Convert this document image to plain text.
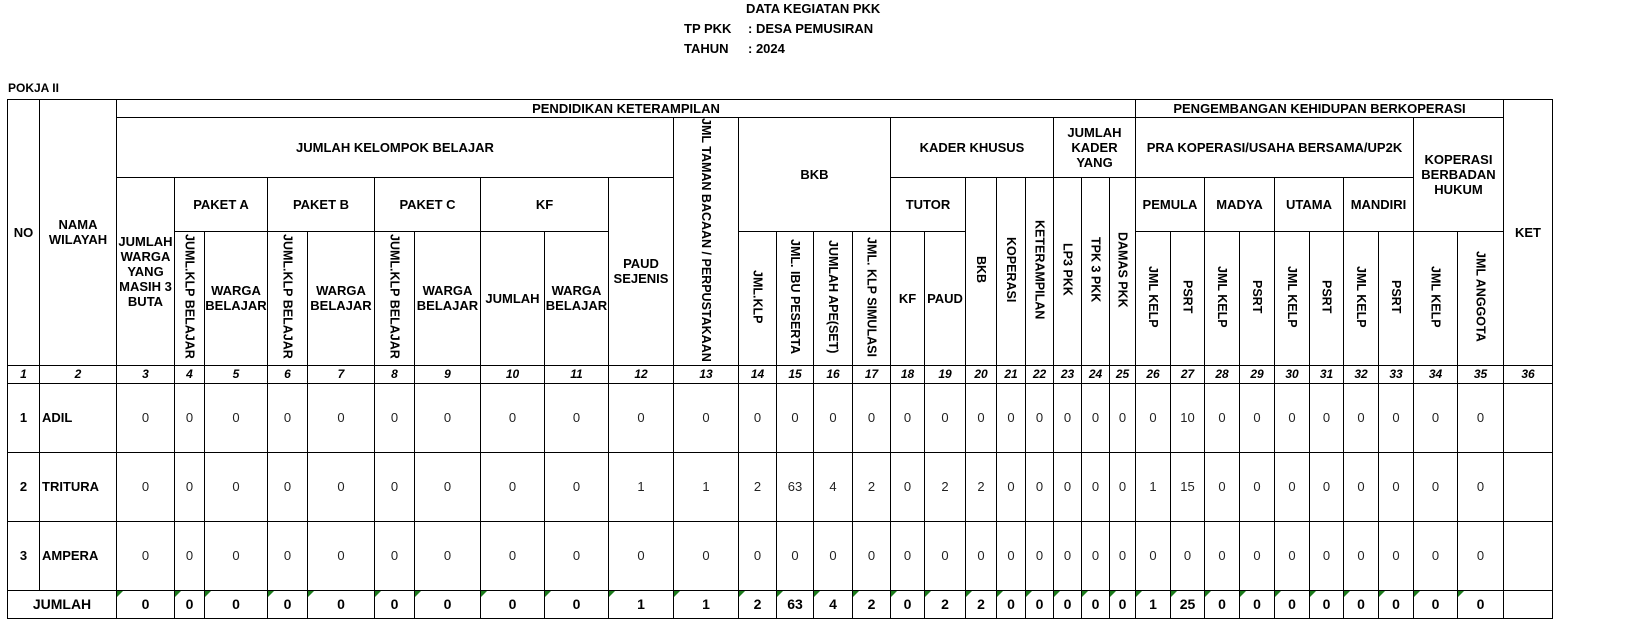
DATA KEGIATAN PKK
TP PKK : DESA PEMUSIRAN
TAHUN : 2024
POKJA II
NO	NAMA WILAYAH	PENDIDIKAN KETERAMPILAN																							PENGEMBANGAN KEHIDUPAN BERKOPERASI										KET
		JUMLAH KELOMPOK BELAJAR										JML TAMAN BACAAN / PERPUSTAKAAN	BKB				KADER KHUSUS					JUMLAH KADER YANG			PRA KOPERASI/USAHA BERSAMA/UP2K								KOPERASI BERBADAN HUKUM		
		JUMLAH WARGA YANG MASIH 3 BUTA	PAKET A		PAKET B		PAKET C		KF		PAUD SEJENIS						TUTOR		BKB	KOPERASI	KETERAMPILAN	LP3 PKK	TPK 3 PKK	DAMAS PKK	PEMULA		MADYA		UTAMA		MANDIRI				
			JUML.KLP BELAJAR	WARGA BELAJAR	JUML.KLP BELAJAR	WARGA BELAJAR	JUML.KLP BELAJAR	WARGA BELAJAR	JUMLAH	WARGA BELAJAR			JML.KLP	JML. IBU PESERTA	JUMLAH APE(SET)	JML. KLP SIMULASI	KF	PAUD							JML KELP	PSRT	JML KELP	PSRT	JML KELP	PSRT	JML KELP	PSRT	JML KELP	JML ANGGOTA	

1	2	3	4	5	6	7	8	9	10	11	12	13	14	15	16	17	18	19	20	21	22	23	24	25	26	27	28	29	30	31	32	33	34	35	36
1	ADIL	0	0	0	0	0	0	0	0	0	0	0	0	0	0	0	0	0	0	0	0	0	0	0	0	10	0	0	0	0	0	0	0	0	
2	TRITURA	0	0	0	0	0	0	0	0	0	1	1	2	63	4	2	0	2	2	0	0	0	0	0	1	15	0	0	0	0	0	0	0	0	
3	AMPERA	0	0	0	0	0	0	0	0	0	0	0	0	0	0	0	0	0	0	0	0	0	0	0	0	0	0	0	0	0	0	0	0	0	
JUMLAH		0	0	0	0	0	0	0	0	0	1	1	2	63	4	2	0	2	2	0	0	0	0	0	1	25	0	0	0	0	0	0	0	0	
